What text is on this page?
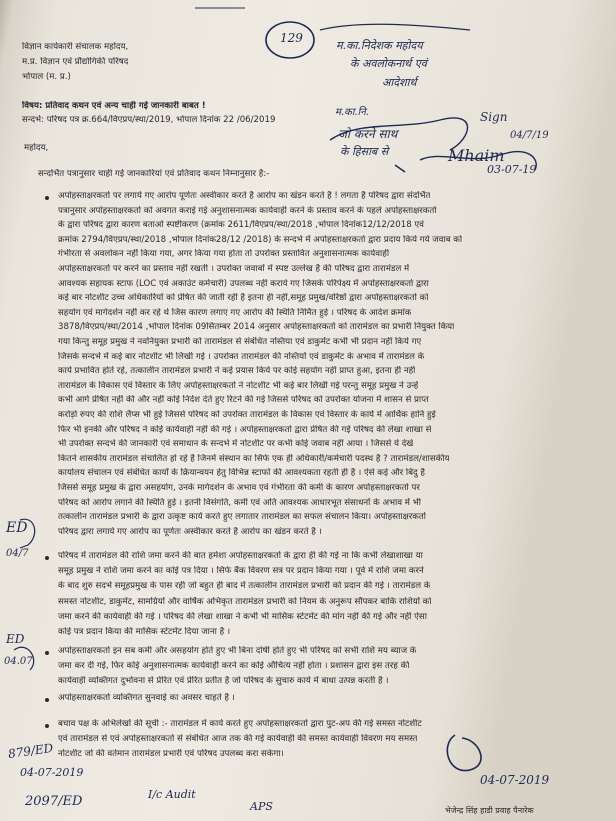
विज्ञान कार्यकारी संचालक महोदय,
म.प्र. विज्ञान एवं प्रौद्योगिकी परिषद
भोपाल (म. प्र.)
विषय: प्रतिवाद कथन एवं अन्य चाही गई जानकारी बाबत !
सन्दर्भ: परिषद पत्र क्र.664/विएप्रप/स्था/2019, भोपाल दिनांक 22 /06/2019
महोदय,
सन्दर्भित पत्रानुसार चाही गई जानकारियां एवं प्रतिवाद कथन निम्नानुसार है:-
अपोहस्ताक्षरकर्ता पर लगाये गए आरोप पूर्णतः अस्वीकार करते है आरोप का खंडन करते है ! लगता है परिषद द्वारा संदर्भित
पत्रानुसार अपोहस्ताक्षरकर्ता को अवगत कराई गई अनुशासनात्मक कार्यवाही करने के प्रस्ताव करने के पहले अपोहस्ताक्षरकर्ता
के द्वारा परिषद द्वारा कारण बताओ स्पष्टीकरण (क्रमांक 2611/विएप्रप/स्था/2018 ,भोपाल दिनांक12/12/2018 एवं
क्रमांक 2794/विएप्रप/स्था/2018 ,भोपाल दिनांक28/12 /2018) के सन्दर्भ में अपोहस्ताक्षरकर्ता द्वारा प्रदाय किये गये जवाब को
गंभीरता से अवलोकन नहीं किया गया, अगर किया गया होता तो उपरोक्त प्रस्तावित अनुशासनात्मक कार्यवाही
अपोहस्ताक्षरकर्ता पर करने का प्रस्ताव नहीं रखती । उपरोक्त जवाबों में स्पष्ट उल्लेख है की परिषद द्वारा तारामंडल में
आवश्यक सहायक स्टाफ (LOC एवं अकाउंट कर्मचारी) उपलब्ध नहीं कराये गए जिसके परिपेक्ष्य में अपोहस्ताक्षरकर्ता द्वारा
कई बार नोटशीट उच्च अधिकारियों को प्रेषित की जाती रही है इतना ही नहीं,समूह प्रमुख/वरिष्ठों द्वारा अपोहस्ताक्षरकर्ता को
सहयोग एवं मार्गदर्शन नहीं कर रहे थे जिस कारण लगाए गए आरोप की स्थिति निर्मित हुई । परिषद के आदेश क्रमांक
3878/विएप्रप/स्था/2014 ,भोपाल दिनांक 09सितम्बर 2014 अनुसार अपोहस्ताक्षरकर्ता को तारामंडल का प्रभारी नियुक्त किया
गया किन्तु समूह प्रमुख ने नवनियुक्त प्रभारी को तारामंडल से संबंधित नस्तिया एवं डाकुमेंट कभी भी प्रदान नहीं किये गए
जिसके सन्दर्भ में कई बार नोटशीट भी लिखी गई । उपरोक्त तारामंडल की नस्तियों एवं डाकुमेंट के अभाव में तारामंडल के
कार्य प्रभावित होते रहे, तत्कालीन तारामंडल प्रभारी ने कई प्रयास किये पर कोई सहयोग नहीं प्राप्त हुआ, इतना ही नहीं
तारामंडल के विकास एवं विस्तार के लिए अपोहस्ताक्षरकर्ता ने नोटशीट भी कई बार लिखी गई परन्तु समूह प्रमुख ने उन्हें
कभी आगे प्रेषित नहीं की और नहीं कोई निर्देश देते हुए रिटर्न की गई जिससे परिषद को उपरोक्त योजना में शासन से प्राप्त
करोड़ो रुपए की राशि लैप्स भी हुई जिससे परिषद को उपरोक्त तारामंडल के विकास एवं विस्तार के कार्य में आर्थिक हानि हुई
फिर भी इनकी और परिषद ने कोई कार्यवाही नहीं की गई । अपोहस्ताक्षरकर्ता द्वारा प्रेषित की गई परिषद की लेखा शाखा से
भी उपरोक्त सन्दर्भ की जानकारी एवं समाधान के सन्दर्भ में नोटशीट पर कभी कोई जवाब नहीं आया । जिससे ये देखे
कितने शासकीय तारामंडल संचालित हो रहे है जिनमें संस्थान का सिर्फ एक ही अधिकारी/कर्मचारी पदस्थ है ? तारामंडल/शासकीय
कार्यालय संचालन एवं संबंधित कार्यों के क्रियान्वयन हेतु विभिन्न स्टाफों की आवश्यकता रहती ही है । ऐसे कई और बिंदु है
जिससे समूह प्रमुख के द्वारा असहयोग, उनके मार्गदर्शन के अभाव एवं गंभीरता की कमी के कारण अपोहस्ताक्षरकर्ता पर
परिषद को आरोप लगाने की स्थिति हुई । इतनी विसंगति, कमी एवं अति आवश्यक आधारभूत संसाधनों के अभाव में भी
तत्कालीन तारामंडल प्रभारी के द्वारा उत्कृष्ट कार्य करते हुए लगातार तारामंडल का सफल संचालन किया। अपोहस्ताक्षरकर्ता
परिषद द्वारा लगाये गए आरोप का पूर्णतः अस्वीकार करते है आरोप का खंडन करते है ।
परिषद में तारामंडल की राशि जमा करने की बात हमेशा अपोहस्ताक्षरकर्ता के द्वारा ही की गई ना कि कभी लेखाशाखा या
समूह प्रमुख ने राशि जमा करने का कोई पत्र दिया । सिर्फ बैंक विवरण सत्र पर प्रदान किया गया । पूर्व में राशि जमा करने
के बाद शुरु सदर्भ समूहप्रमुख के पास रही जो बहुत ही बाद में तत्कालीन तारामंडल प्रभारी को प्रदान की गई । तारामंडल के
समस्त नोटशीट, डाकुमेंट, सामग्रियों और वार्षिक अभिकृत तारामंडल प्रभारी को नियम के अनुरूप सौंपकर बाकि राशियों को
जमा करने की कार्यवाही की गई । परिषद की लेखा शाखा ने कभी भी मासिक स्टेटमेंट की मांग नहीं की गई और नहीं ऐसा
कोई पत्र प्रदान किया की मासिक स्टेटमेंट दिया जाना है ।
अपोहस्ताक्षरकर्ता इन सब कमी और असहयोग होते हुए भी बिना दोषी होते हुए भी परिषद को सभी राशि मय ब्याज के
जमा कर दी गई, फिर कोई अनुशासनात्मक कार्यवाही करने का कोई औचित्य नहीं होता । प्रशासन द्वारा इस तरह की
कार्यवाही व्यक्तिगत दुर्भावना से प्रेरित एवं प्रेरित प्रतीत है जो परिषद के सुचारु कार्य में बाधा उत्पन्न करती है ।
अपोहस्ताक्षरकर्ता व्यक्तिगत सुनवाई का अवसर चाहते है ।
बचाव पक्ष के अभिलेखों की सूची :- तारामंडल में कार्य करते हुए अपोहस्ताक्षरकर्ता द्वारा पुट-अप की गई समस्त नोटशीट
एवं तारामंडल से एवं अपोहस्ताक्षरकर्ता से संबंधित आज तक की गई कार्यवाही की समस्त कार्यवाही विवरण मय समस्त
नोटशीट जो की वर्तमान तारामंडल प्रभारी एवं परिषद उपलब्ध करा सकेगा।
भेजेन्द्र सिंह हाडी प्रवाह पैनारेक
129
म.का.निदेशक महोदय
के अवलोकनार्थ एवं
आदेशार्थ
Sign
04/7/19
म.का.नि.
जो करने साथ
के हिसाब से	Mhaim
03-07-19
ED
04/7
ED
04.07
879/ED
04-07-2019
2097/ED	I/c Audit
APS
04-07-2019
